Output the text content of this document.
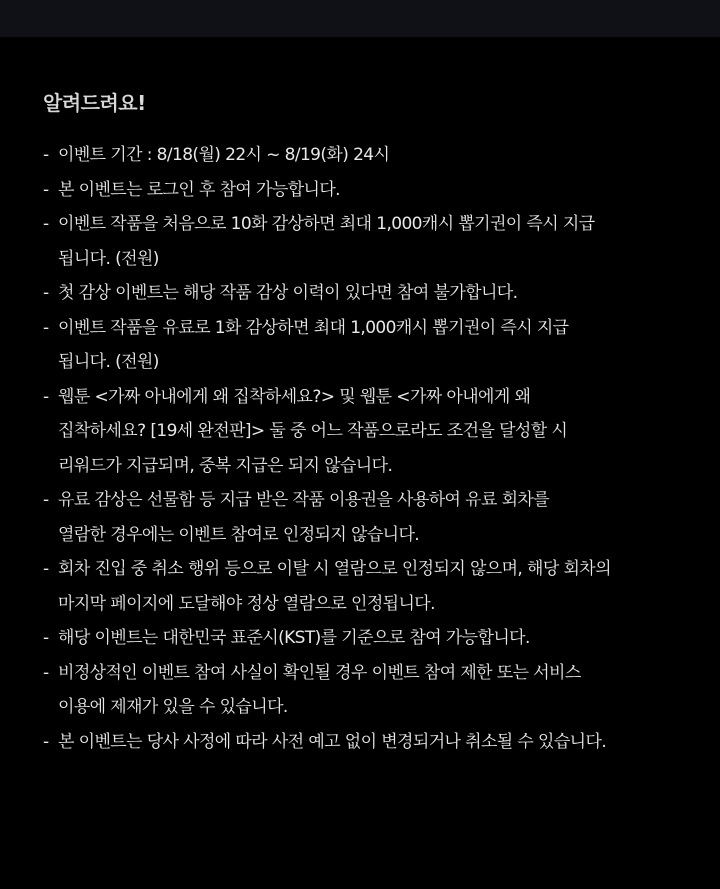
알려드려요!
- 이벤트 기간 : 8/18(월) 22시 ~ 8/19(화) 24시
- 본 이벤트는 로그인 후 참여 가능합니다.
- 이벤트 작품을 처음으로 10화 감상하면 최대 1,000캐시 뽑기권이 즉시 지급
됩니다. (전원)
- 첫 감상 이벤트는 해당 작품 감상 이력이 있다면 참여 불가합니다.
- 이벤트 작품을 유료로 1화 감상하면 최대 1,000캐시 뽑기권이 즉시 지급
됩니다. (전원)
- 웹툰 <가짜 아내에게 왜 집착하세요?> 및 웹툰 <가짜 아내에게 왜
집착하세요? [19세 완전판]> 둘 중 어느 작품으로라도 조건을 달성할 시
리워드가 지급되며, 중복 지급은 되지 않습니다.
- 유료 감상은 선물함 등 지급 받은 작품 이용권을 사용하여 유료 회차를
열람한 경우에는 이벤트 참여로 인정되지 않습니다.
- 회차 진입 중 취소 행위 등으로 이탈 시 열람으로 인정되지 않으며, 해당 회차의
마지막 페이지에 도달해야 정상 열람으로 인정됩니다.
- 해당 이벤트는 대한민국 표준시(KST)를 기준으로 참여 가능합니다.
- 비정상적인 이벤트 참여 사실이 확인될 경우 이벤트 참여 제한 또는 서비스
이용에 제재가 있을 수 있습니다.
- 본 이벤트는 당사 사정에 따라 사전 예고 없이 변경되거나 취소될 수 있습니다.
